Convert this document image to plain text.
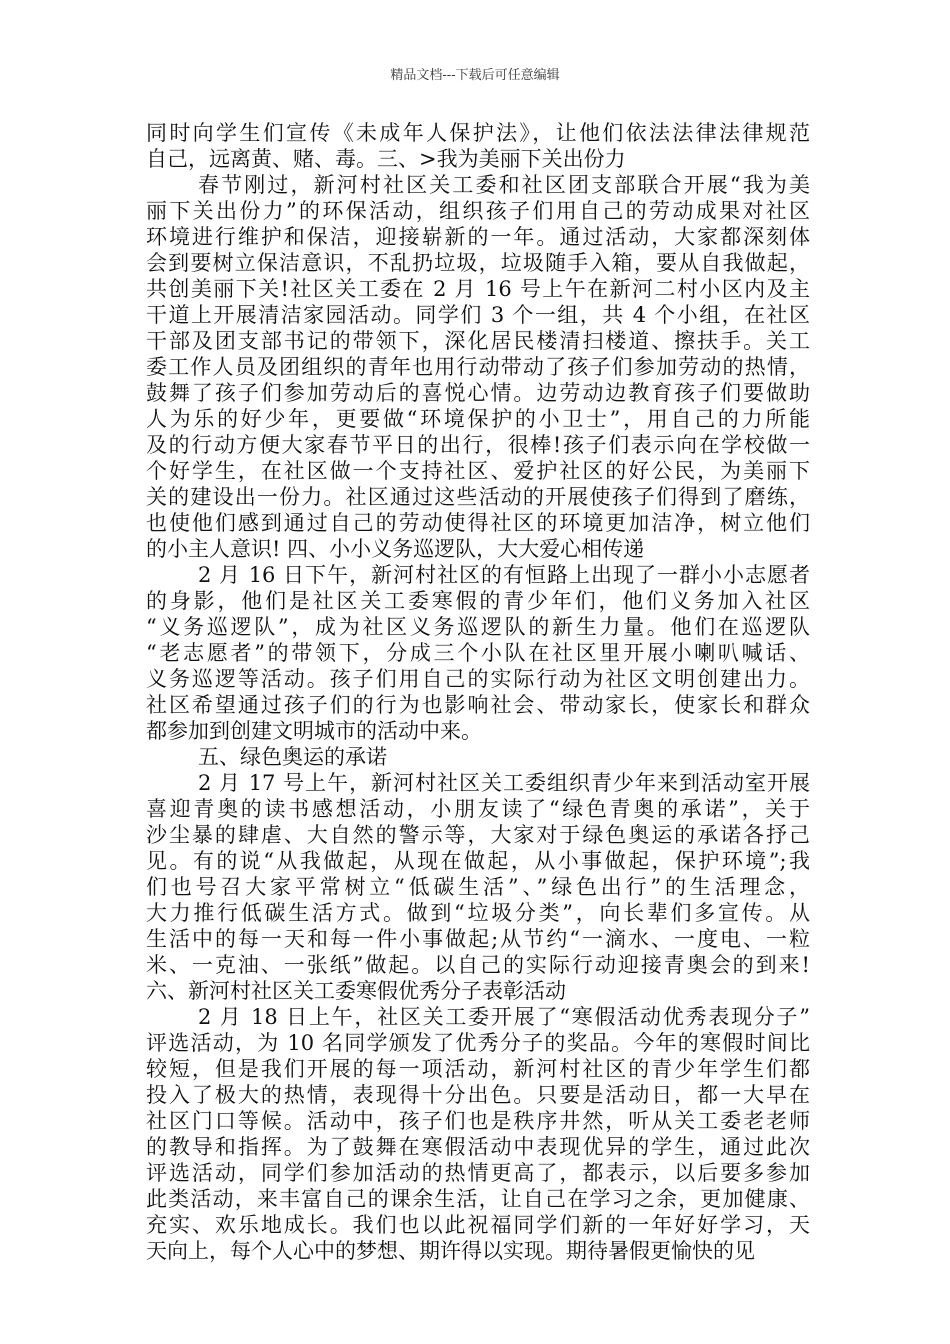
精品文档---下载后可任意编辑
同时向学生们宣传《未成年人保护法》，让他们依法法律法律规范
自己，远离黄、赌、毒。三、>我为美丽下关出份力
春节刚过，新河村社区关工委和社区团支部联合开展“我为美
丽下关出份力”的环保活动，组织孩子们用自己的劳动成果对社区
环境进行维护和保洁，迎接崭新的一年。通过活动，大家都深刻体
会到要树立保洁意识，不乱扔垃圾，垃圾随手入箱，要从自我做起，
共创美丽下关!社区关工委在 2 月 16 号上午在新河二村小区内及主
干道上开展清洁家园活动。同学们 3 个一组，共 4 个小组，在社区
干部及团支部书记的带领下，深化居民楼清扫楼道、擦扶手。关工
委工作人员及团组织的青年也用行动带动了孩子们参加劳动的热情，
鼓舞了孩子们参加劳动后的喜悦心情。边劳动边教育孩子们要做助
人为乐的好少年，更要做“环境保护的小卫士”，用自己的力所能
及的行动方便大家春节平日的出行，很棒!孩子们表示向在学校做一
个好学生，在社区做一个支持社区、爱护社区的好公民，为美丽下
关的建设出一份力。社区通过这些活动的开展使孩子们得到了磨练，
也使他们感到通过自己的劳动使得社区的环境更加洁净，树立他们
的小主人意识! 四、小小义务巡逻队，大大爱心相传递
2 月 16 日下午，新河村社区的有恒路上出现了一群小小志愿者
的身影，他们是社区关工委寒假的青少年们，他们义务加入社区
“义务巡逻队”，成为社区义务巡逻队的新生力量。他们在巡逻队
“老志愿者”的带领下，分成三个小队在社区里开展小喇叭喊话、
义务巡逻等活动。孩子们用自己的实际行动为社区文明创建出力。
社区希望通过孩子们的行为也影响社会、带动家长，使家长和群众
都参加到创建文明城市的活动中来。
五、绿色奥运的承诺
2 月 17 号上午，新河村社区关工委组织青少年来到活动室开展
喜迎青奥的读书感想活动，小朋友读了“绿色青奥的承诺”，关于
沙尘暴的肆虐、大自然的警示等，大家对于绿色奥运的承诺各抒己
见。有的说“从我做起，从现在做起，从小事做起，保护环境”;我
们也号召大家平常树立“低碳生活”、”绿色出行”的生活理念，
大力推行低碳生活方式。做到“垃圾分类”，向长辈们多宣传。从
生活中的每一天和每一件小事做起;从节约“一滴水、一度电、一粒
米、一克油、一张纸”做起。以自己的实际行动迎接青奥会的到来!
六、新河村社区关工委寒假优秀分子表彰活动
2 月 18 日上午，社区关工委开展了“寒假活动优秀表现分子”
评选活动，为 10 名同学颁发了优秀分子的奖品。今年的寒假时间比
较短，但是我们开展的每一项活动，新河村社区的青少年学生们都
投入了极大的热情，表现得十分出色。只要是活动日，都一大早在
社区门口等候。活动中，孩子们也是秩序井然，听从关工委老老师
的教导和指挥。为了鼓舞在寒假活动中表现优异的学生，通过此次
评选活动，同学们参加活动的热情更高了，都表示，以后要多参加
此类活动，来丰富自己的课余生活，让自己在学习之余，更加健康、
充实、欢乐地成长。我们也以此祝福同学们新的一年好好学习，天
天向上，每个人心中的梦想、期许得以实现。期待暑假更愉快的见
